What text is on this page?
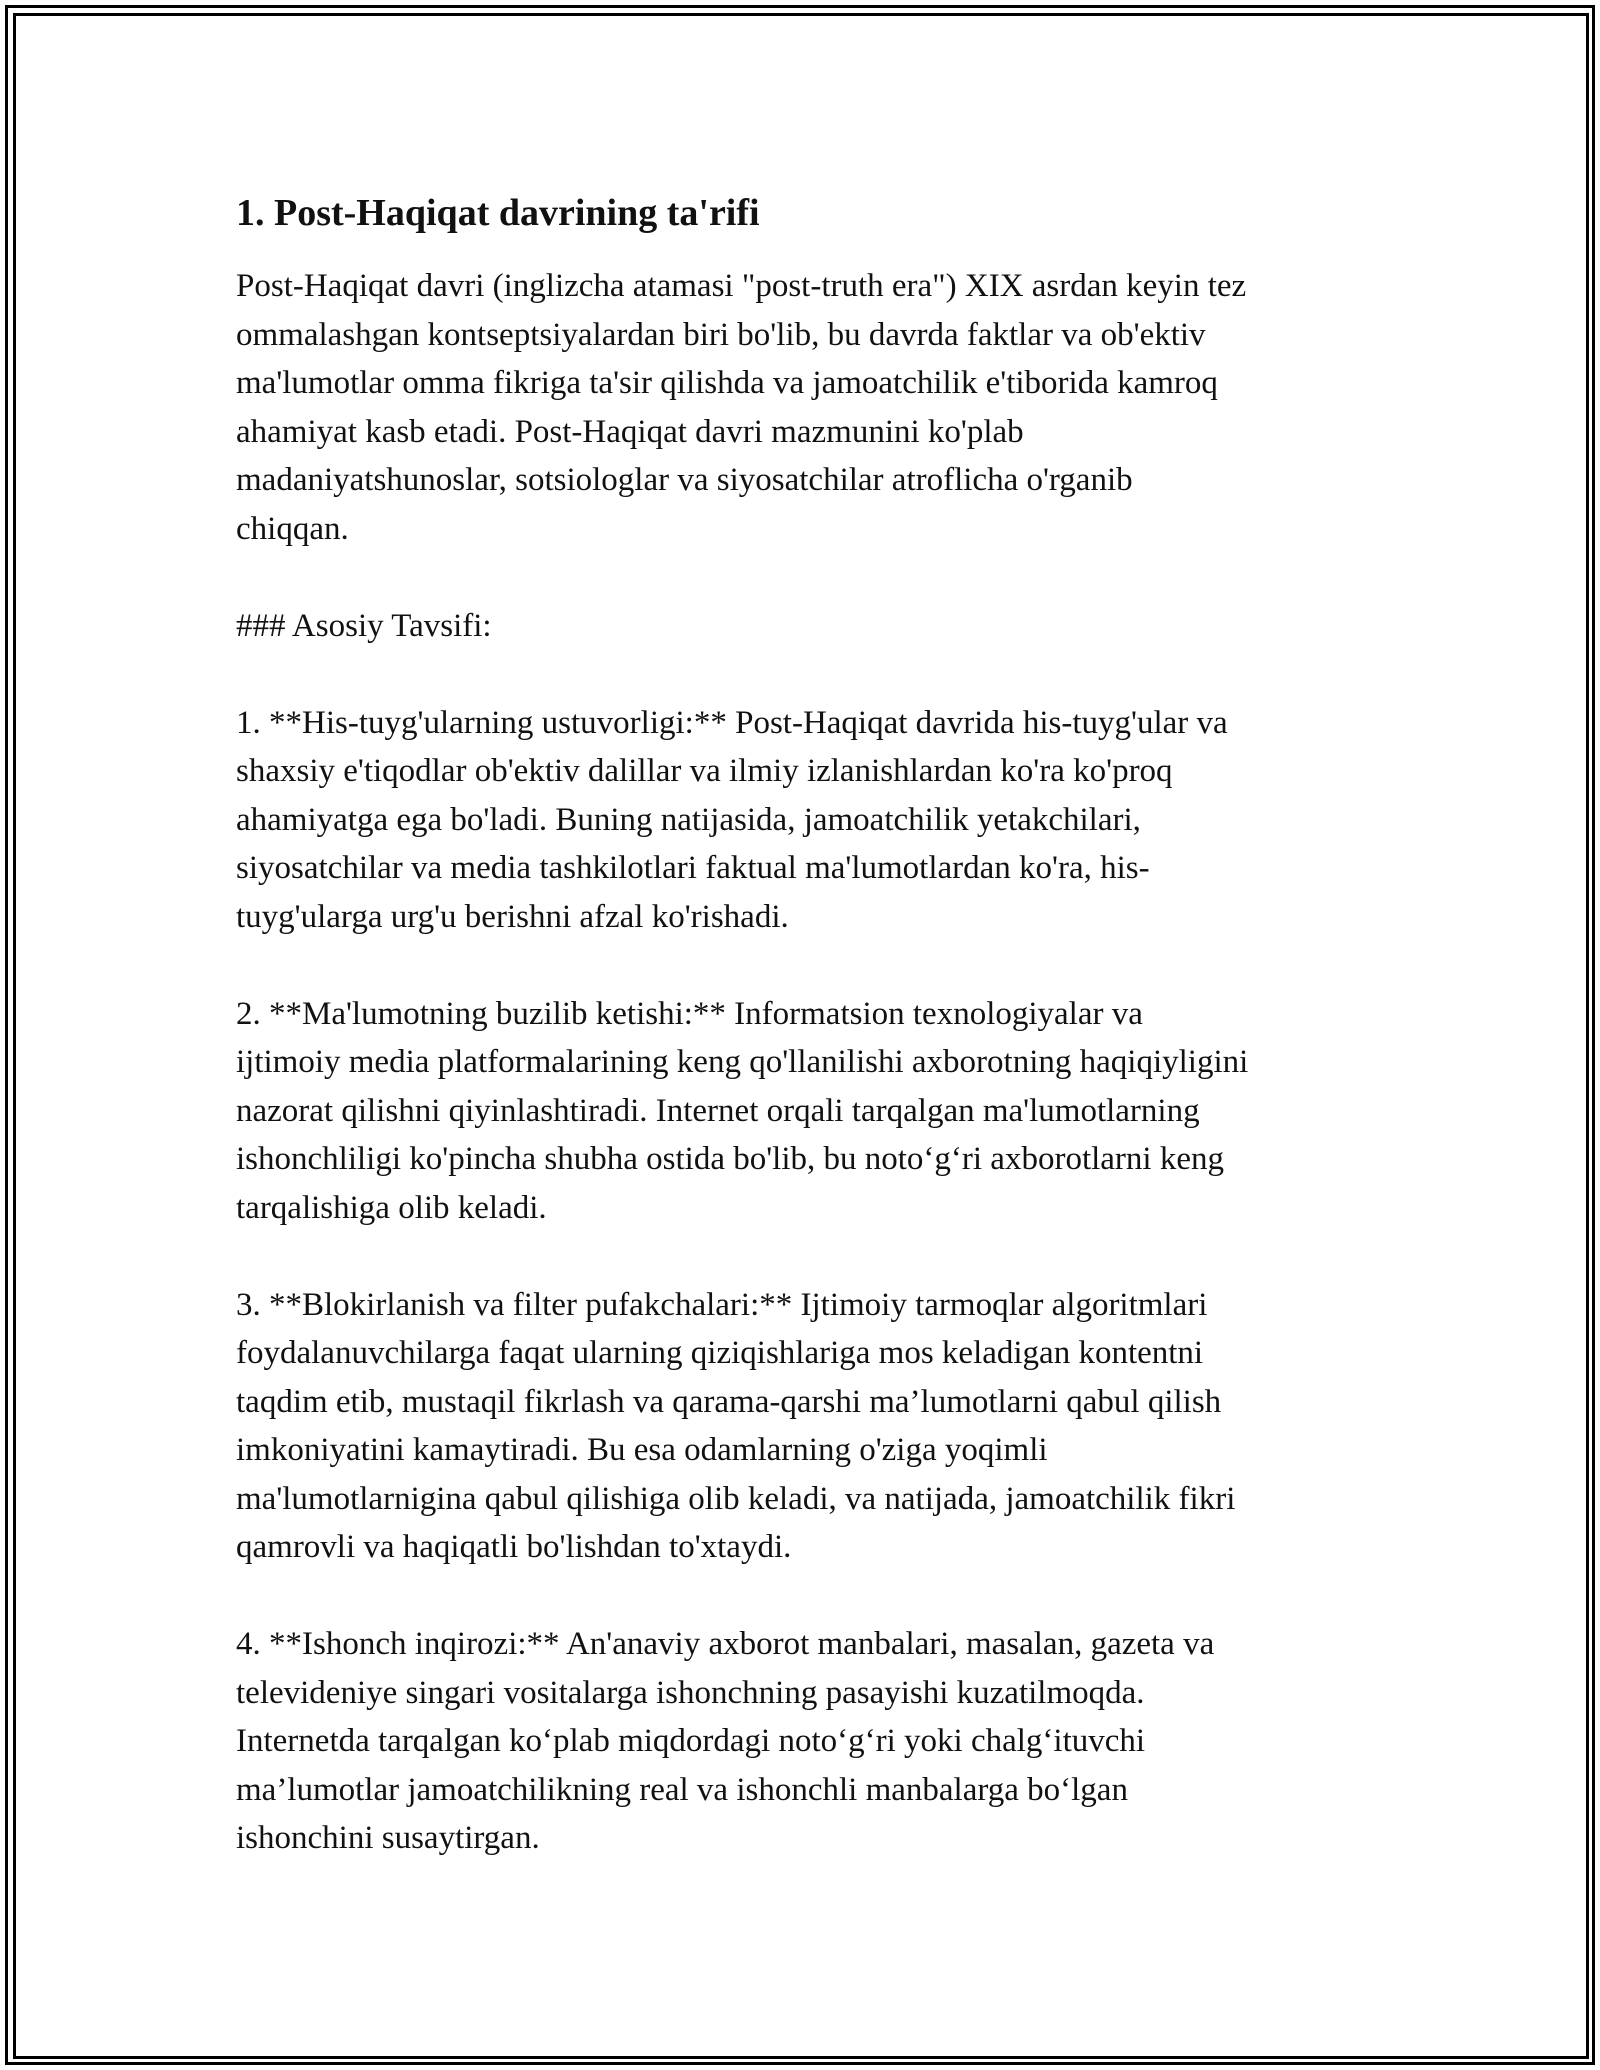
1. Post-Haqiqat davrining ta'rifi

Post-Haqiqat davri (inglizcha atamasi "post-truth era") XIX asrdan keyin tez
ommalashgan kontseptsiyalardan biri bo'lib, bu davrda faktlar va ob'ektiv
ma'lumotlar omma fikriga ta'sir qilishda va jamoatchilik e'tiborida kamroq
ahamiyat kasb etadi. Post-Haqiqat davri mazmunini ko'plab
madaniyatshunoslar, sotsiologlar va siyosatchilar atroflicha o'rganib
chiqqan.

### Asosiy Tavsifi:

1. **His-tuyg'ularning ustuvorligi:** Post-Haqiqat davrida his-tuyg'ular va
shaxsiy e'tiqodlar ob'ektiv dalillar va ilmiy izlanishlardan ko'ra ko'proq
ahamiyatga ega bo'ladi. Buning natijasida, jamoatchilik yetakchilari,
siyosatchilar va media tashkilotlari faktual ma'lumotlardan ko'ra, his-
tuyg'ularga urg'u berishni afzal ko'rishadi.

2. **Ma'lumotning buzilib ketishi:** Informatsion texnologiyalar va
ijtimoiy media platformalarining keng qo'llanilishi axborotning haqiqiyligini
nazorat qilishni qiyinlashtiradi. Internet orqali tarqalgan ma'lumotlarning
ishonchliligi ko'pincha shubha ostida bo'lib, bu noto‘g‘ri axborotlarni keng
tarqalishiga olib keladi.

3. **Blokirlanish va filter pufakchalari:** Ijtimoiy tarmoqlar algoritmlari
foydalanuvchilarga faqat ularning qiziqishlariga mos keladigan kontentni
taqdim etib, mustaqil fikrlash va qarama-qarshi ma’lumotlarni qabul qilish
imkoniyatini kamaytiradi. Bu esa odamlarning o'ziga yoqimli
ma'lumotlarnigina qabul qilishiga olib keladi, va natijada, jamoatchilik fikri
qamrovli va haqiqatli bo'lishdan to'xtaydi.

4. **Ishonch inqirozi:** An'anaviy axborot manbalari, masalan, gazeta va
televideniye singari vositalarga ishonchning pasayishi kuzatilmoqda.
Internetda tarqalgan ko‘plab miqdordagi noto‘g‘ri yoki chalg‘ituvchi
ma’lumotlar jamoatchilikning real va ishonchli manbalarga bo‘lgan
ishonchini susaytirgan.
